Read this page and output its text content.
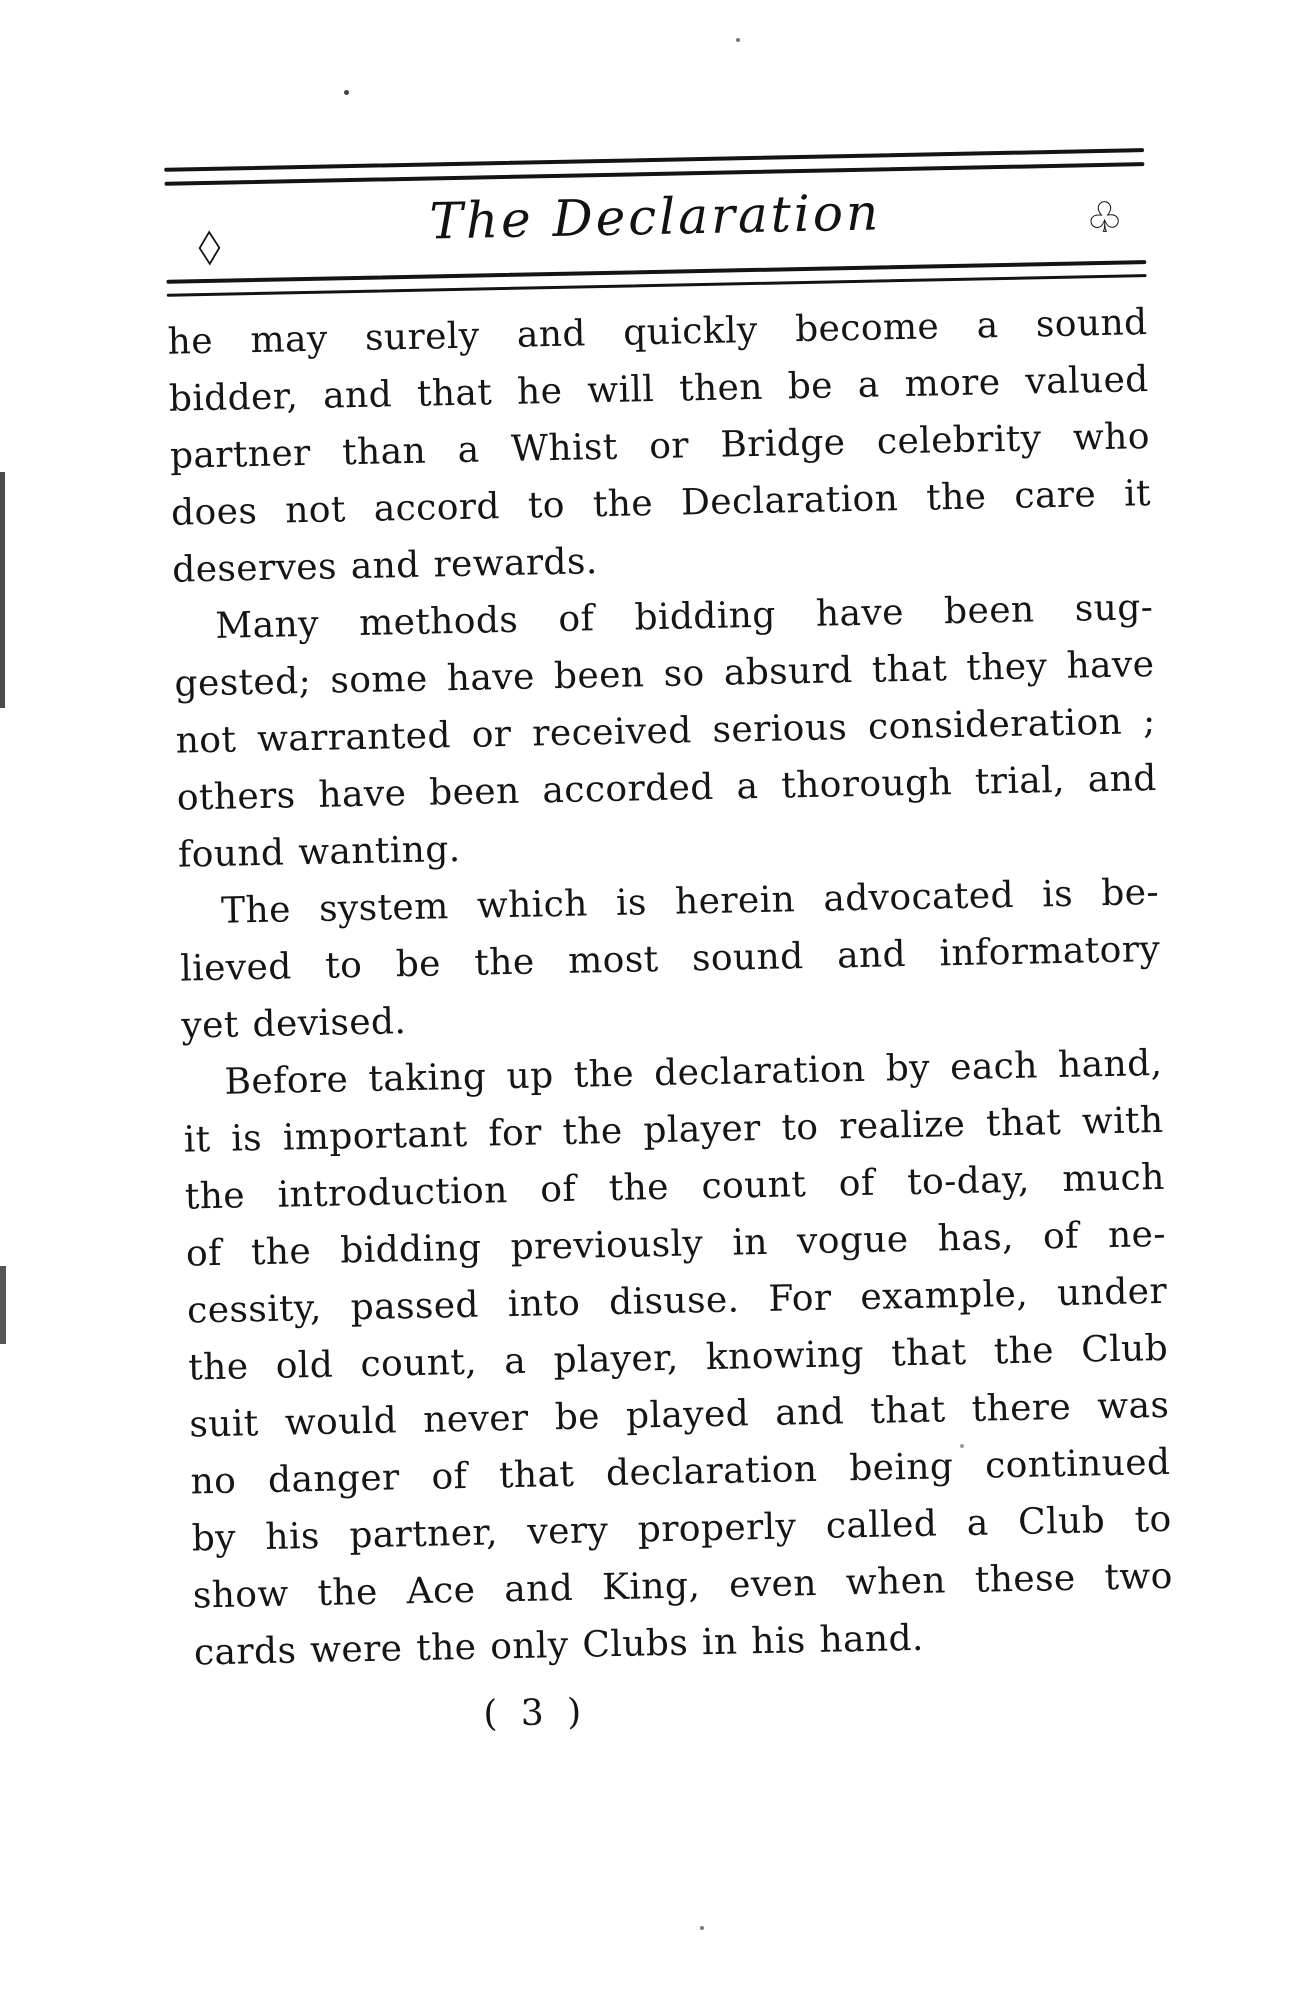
◇	The Declaration	♧
he may surely and quickly become a sound
bidder, and that he will then be a more valued
partner than a Whist or Bridge celebrity who
does not accord to the Declaration the care it
deserves and rewards.
Many methods of bidding have been sug-
gested; some have been so absurd that they have
not warranted or received serious consideration ;
others have been accorded a thorough trial, and
found wanting.
The system which is herein advocated is be-
lieved to be the most sound and informatory
yet devised.
Before taking up the declaration by each hand,
it is important for the player to realize that with
the introduction of the count of to-day, much
of the bidding previously in vogue has, of ne-
cessity, passed into disuse. For example, under
the old count, a player, knowing that the Club
suit would never be played and that there was
no danger of that declaration being continued
by his partner, very properly called a Club to
show the Ace and King, even when these two
cards were the only Clubs in his hand.
( 3 )
